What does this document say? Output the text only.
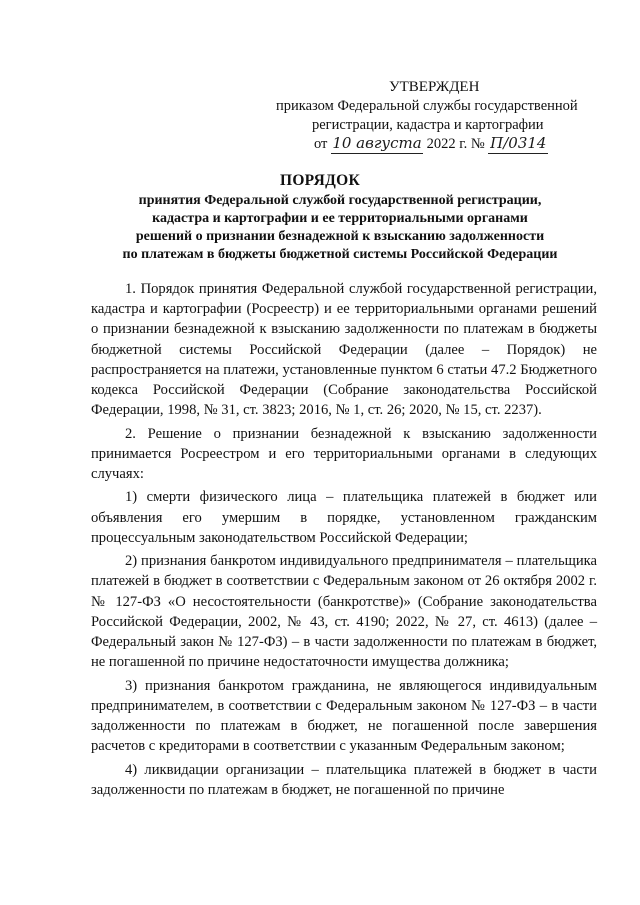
УТВЕРЖДЕН
приказом Федеральной службы государственной
регистрации, кадастра и картографии
от 10 августа 2022 г. № П/0314
ПОРЯДОК
принятия Федеральной службой государственной регистрации,
кадастра и картографии и ее территориальными органами
решений о признании безнадежной к взысканию задолженности
по платежам в бюджеты бюджетной системы Российской Федерации

1. Порядок принятия Федеральной службой государственной регистрации, кадастра и картографии (Росреестр) и ее территориальными органами решений о признании безнадежной к взысканию задолженности по платежам в бюджеты бюджетной системы Российской Федерации (далее – Порядок) не распространяется на платежи, установленные пунктом 6 статьи 47.2 Бюджетного кодекса Российской Федерации (Собрание законодательства Российской Федерации, 1998, № 31, ст. 3823; 2016, № 1, ст. 26; 2020, № 15, ст. 2237).

2. Решение о признании безнадежной к взысканию задолженности принимается Росреестром и его территориальными органами в следующих случаях:

1) смерти физического лица – плательщика платежей в бюджет или объявления его умершим в порядке, установленном гражданским процессуальным законодательством Российской Федерации;

2) признания банкротом индивидуального предпринимателя – плательщика платежей в бюджет в соответствии с Федеральным законом от 26 октября 2002 г. № 127-ФЗ «О несостоятельности (банкротстве)» (Собрание законодательства Российской Федерации, 2002, № 43, ст. 4190; 2022, № 27, ст. 4613) (далее – Федеральный закон № 127-ФЗ) – в части задолженности по платежам в бюджет, не погашенной по причине недостаточности имущества должника;

3) признания банкротом гражданина, не являющегося индивидуальным предпринимателем, в соответствии с Федеральным законом № 127-ФЗ – в части задолженности по платежам в бюджет, не погашенной после завершения расчетов с кредиторами в соответствии с указанным Федеральным законом;

4) ликвидации организации – плательщика платежей в бюджет в части задолженности по платежам в бюджет, не погашенной по причине
